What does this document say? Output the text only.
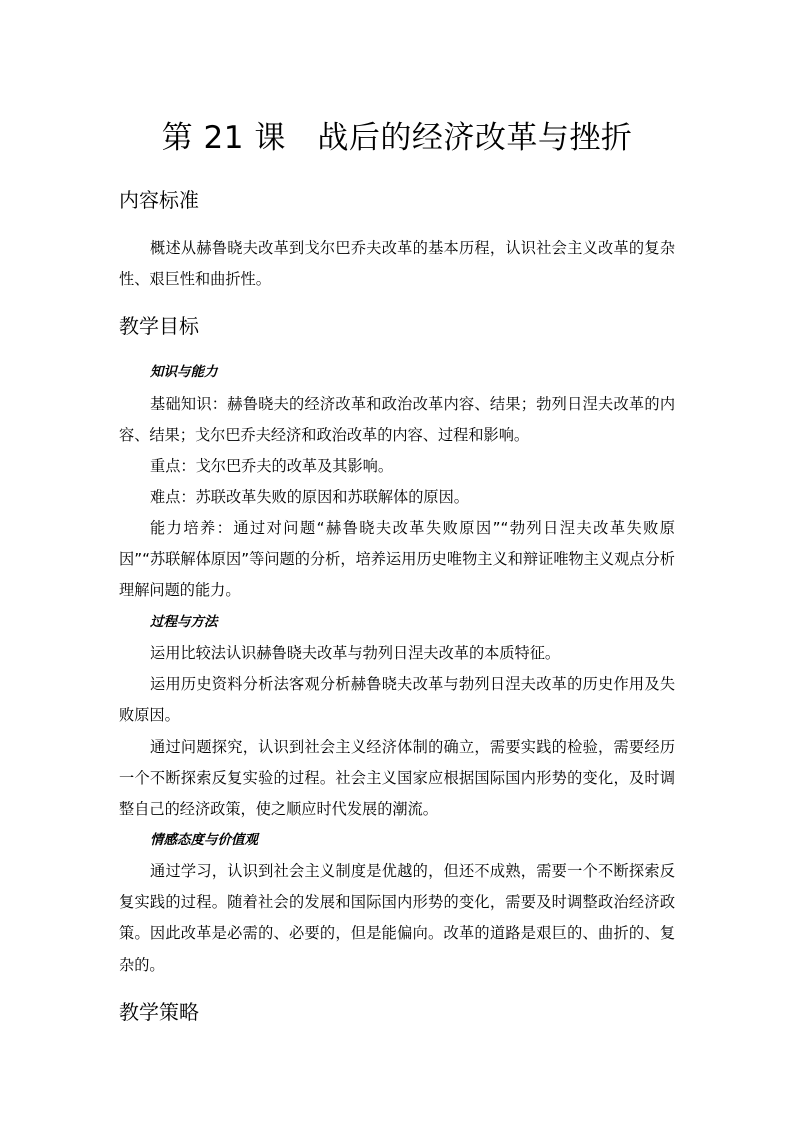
第 21 课　战后的经济改革与挫折
内容标准

概述从赫鲁晓夫改革到戈尔巴乔夫改革的基本历程，认识社会主义改革的复杂性、艰巨性和曲折性。

教学目标
知识与能力

基础知识：赫鲁晓夫的经济改革和政治改革内容、结果；勃列日涅夫改革的内容、结果；戈尔巴乔夫经济和政治改革的内容、过程和影响。

重点：戈尔巴乔夫的改革及其影响。

难点：苏联改革失败的原因和苏联解体的原因。

能力培养：通过对问题“赫鲁晓夫改革失败原因”“勃列日涅夫改革失败原因”“苏联解体原因”等问题的分析，培养运用历史唯物主义和辩证唯物主义观点分析理解问题的能力。

过程与方法

运用比较法认识赫鲁晓夫改革与勃列日涅夫改革的本质特征。

运用历史资料分析法客观分析赫鲁晓夫改革与勃列日涅夫改革的历史作用及失败原因。

通过问题探究，认识到社会主义经济体制的确立，需要实践的检验，需要经历一个不断探索反复实验的过程。社会主义国家应根据国际国内形势的变化，及时调整自己的经济政策，使之顺应时代发展的潮流。

情感态度与价值观

通过学习，认识到社会主义制度是优越的，但还不成熟，需要一个不断探索反复实践的过程。随着社会的发展和国际国内形势的变化，需要及时调整政治经济政策。因此改革是必需的、必要的，但是能偏向。改革的道路是艰巨的、曲折的、复杂的。

教学策略
